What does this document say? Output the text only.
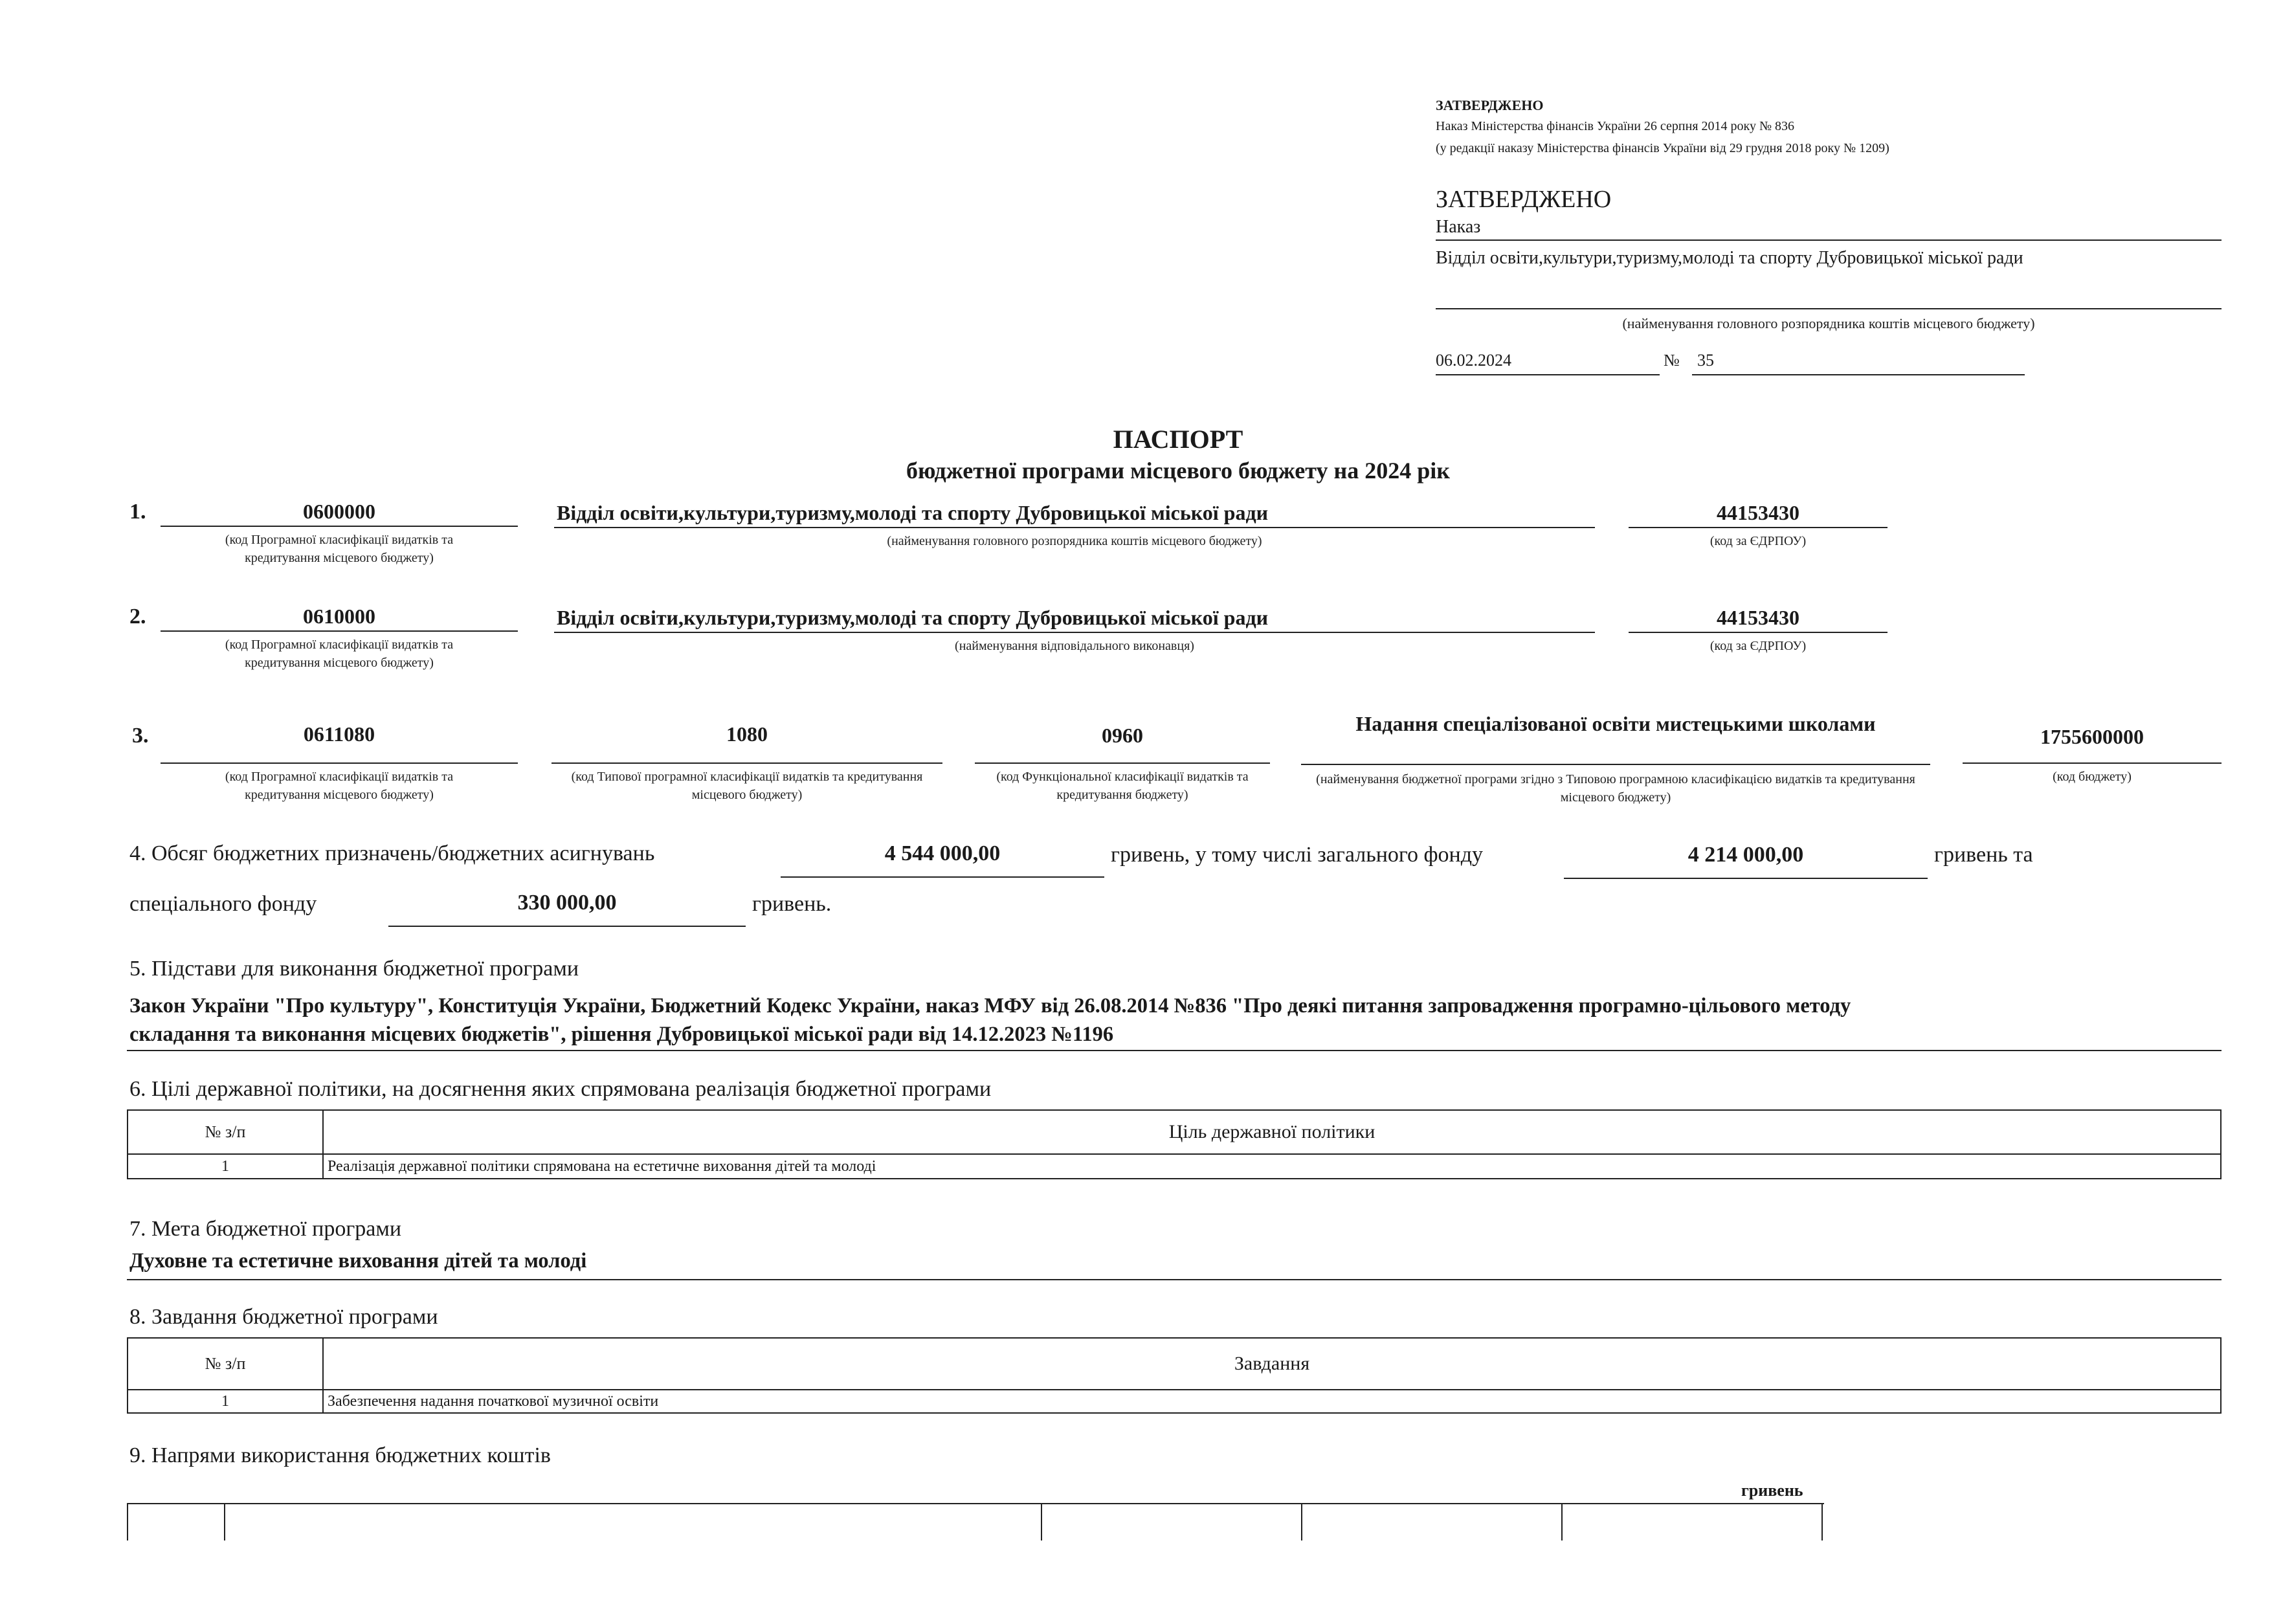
ЗАТВЕРДЖЕНО
Наказ Міністерства фінансів України 26 серпня 2014 року № 836
(у редакції наказу Міністерства фінансів України від 29 грудня 2018 року № 1209)
ЗАТВЕРДЖЕНО
Наказ
Відділ освіти,культури,туризму,молоді та спорту Дубровицької міської ради
(найменування головного розпорядника коштів місцевого бюджету)
06.02.2024	№ 35
ПАСПОРТ
бюджетної програми місцевого бюджету на 2024 рік
1.	0600000
(код Програмної класифікації видатків та кредитування місцевого бюджету)
Відділ освіти,культури,туризму,молоді та спорту Дубровицької міської ради
(найменування головного розпорядника коштів місцевого бюджету)
44153430
(код за ЄДРПОУ)
2.	0610000
(код Програмної класифікації видатків та кредитування місцевого бюджету)
Відділ освіти,культури,туризму,молоді та спорту Дубровицької міської ради
(найменування відповідального виконавця)
44153430
(код за ЄДРПОУ)
3.	0611080
(код Програмної класифікації видатків та кредитування місцевого бюджету)
1080
(код Типової програмної класифікації видатків та кредитування місцевого бюджету)
0960
(код Функціональної класифікації видатків та кредитування бюджету)
Надання спеціалізованої освіти мистецькими школами
(найменування бюджетної програми згідно з Типовою програмною класифікацією видатків та кредитування місцевого бюджету)
1755600000
(код бюджету)
4. Обсяг бюджетних призначень/бюджетних асигнувань	4 544 000,00	гривень, у тому числі загального фонду	4 214 000,00	гривень та
спеціального фонду	330 000,00	гривень.
5. Підстави для виконання бюджетної програми
Закон України "Про культуру", Конституція України, Бюджетний Кодекс України, наказ МФУ від 26.08.2014 №836 "Про деякі питання запровадження програмно-цільового методу
складання та виконання місцевих бюджетів", рішення Дубровицької міської ради від 14.12.2023 №1196
6. Цілі державної політики, на досягнення яких спрямована реалізація бюджетної програми
№ з/п	Ціль державної політики
1	Реалізація державної політики спрямована на естетичне виховання дітей та молоді
7. Мета бюджетної програми
Духовне та естетичне виховання дітей та молоді
8. Завдання бюджетної програми
№ з/п	Завдання
1	Забезпечення надання початкової музичної освіти
9. Напрями використання бюджетних коштів
гривень
